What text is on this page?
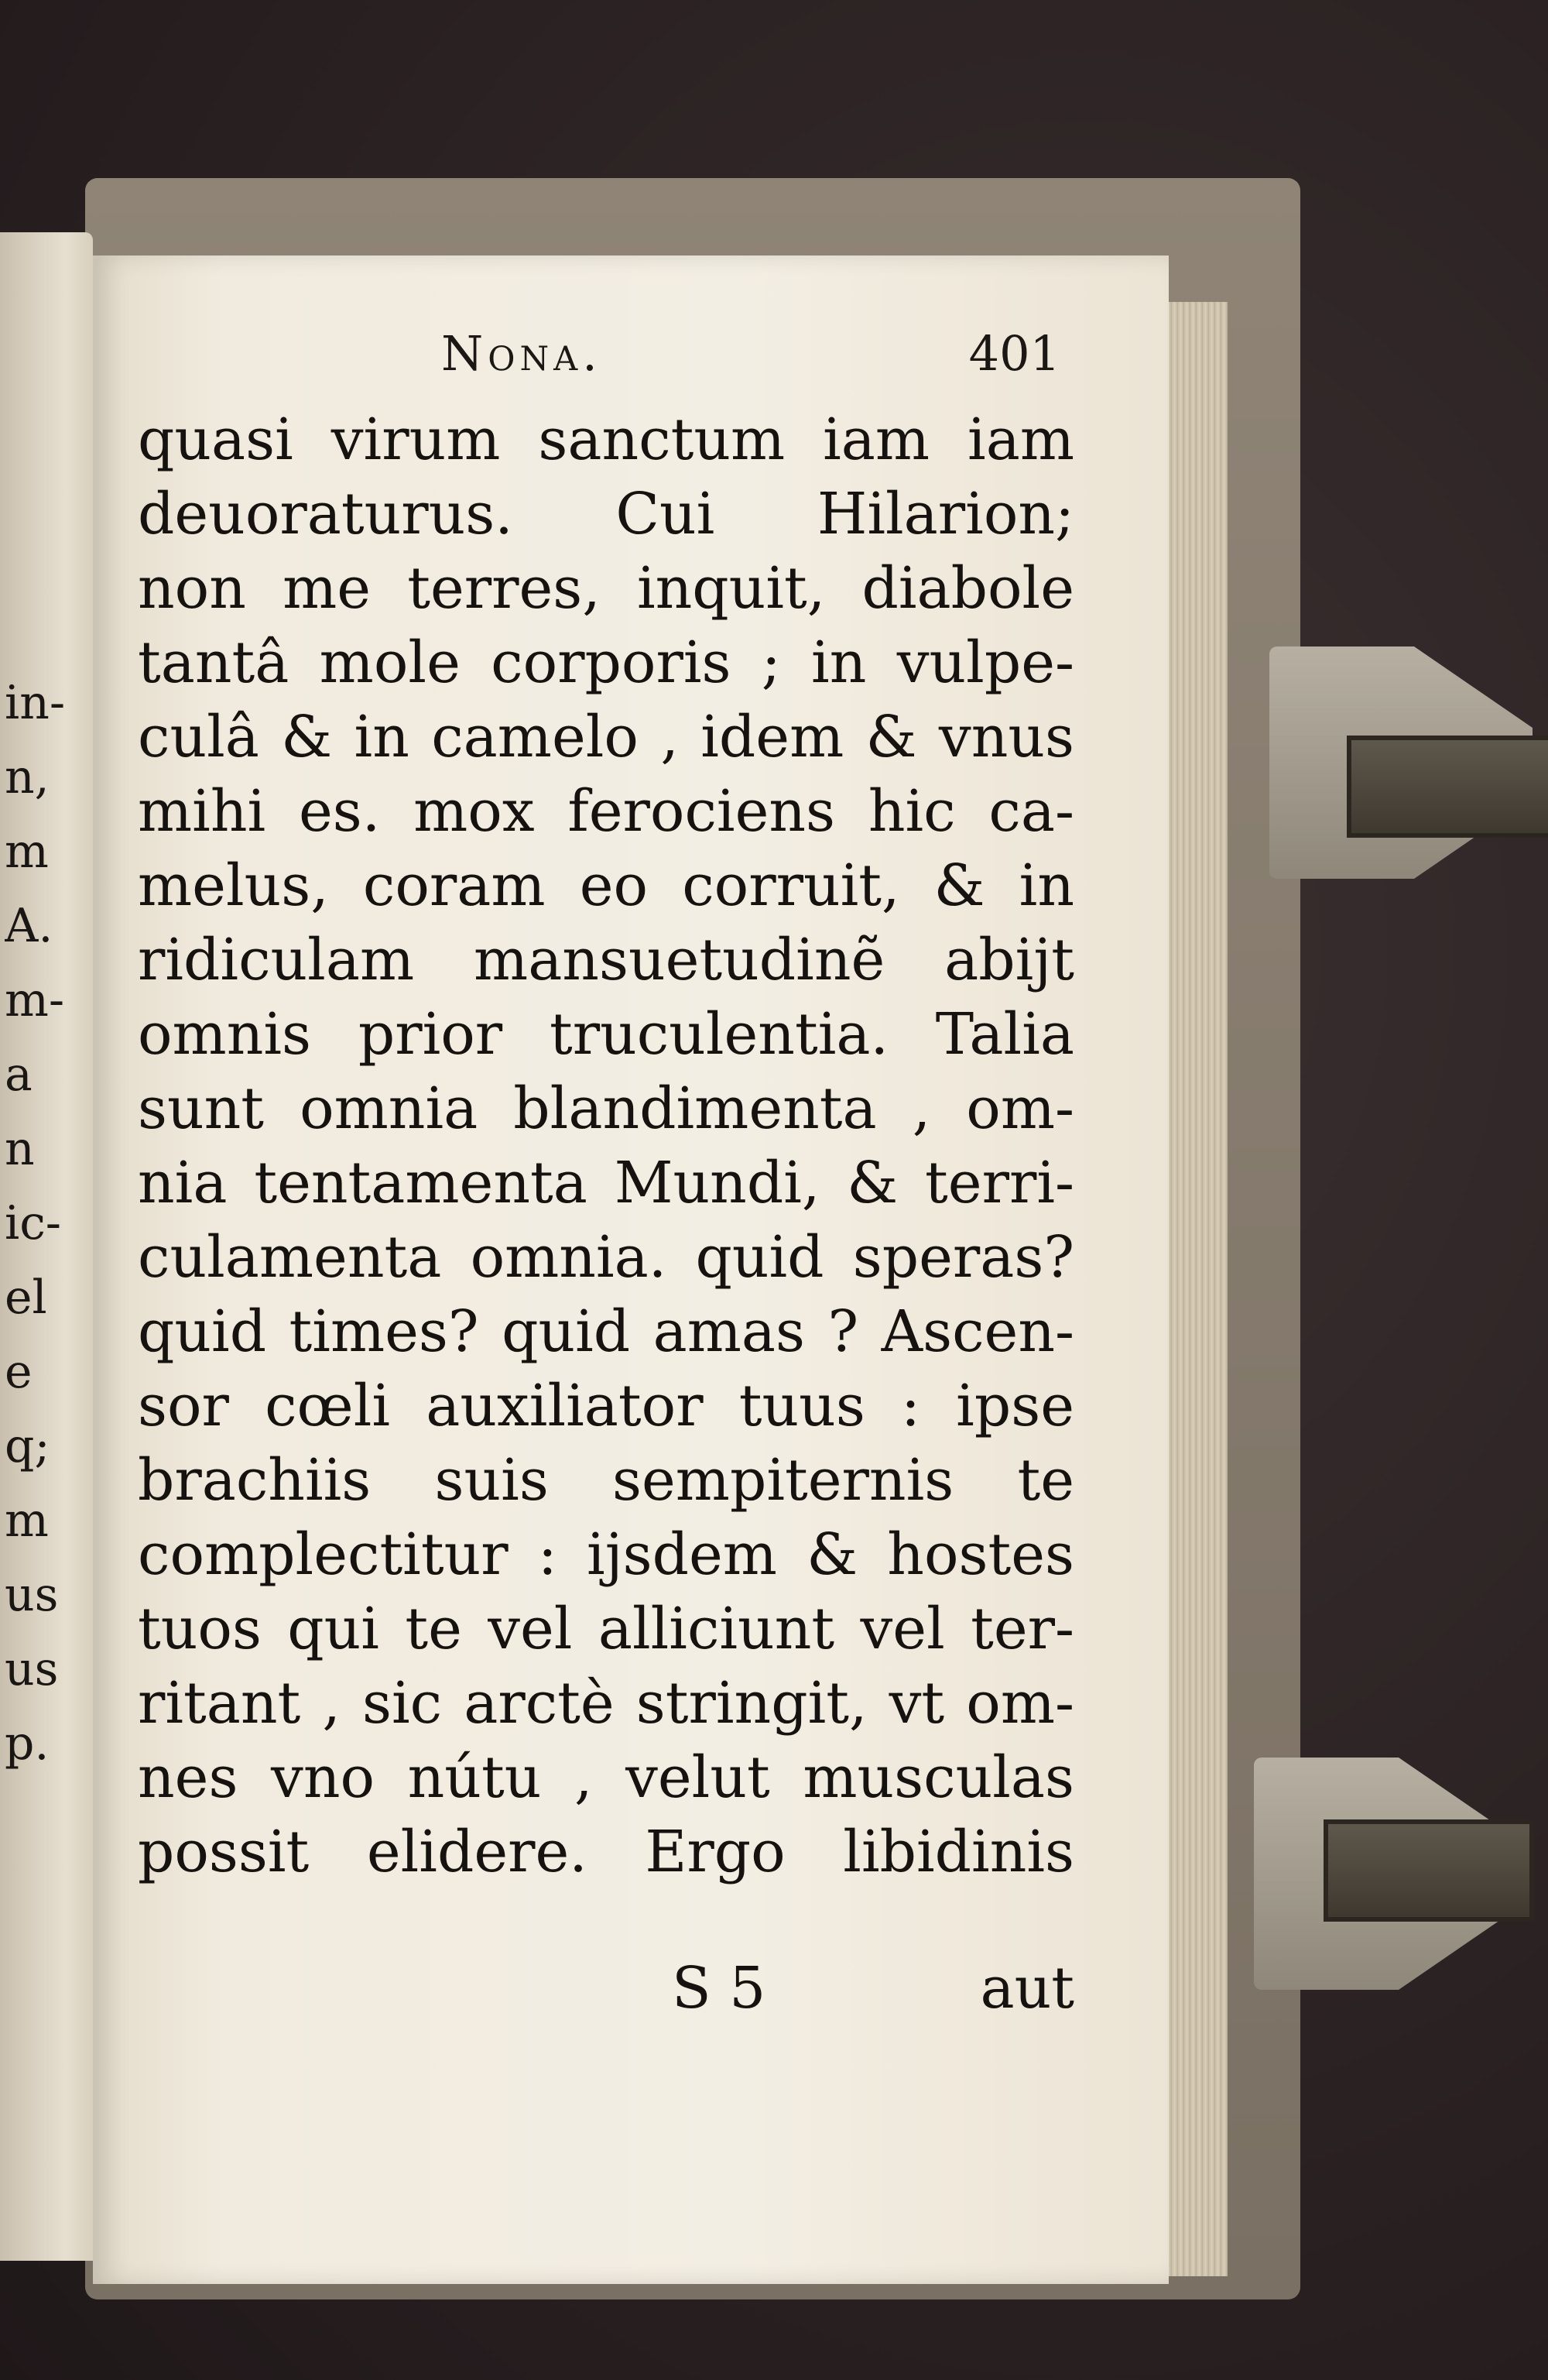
in-
n,
m
A.
m-
a
n
ic-
el
e
q;
m
us
us
p.
Nona.	401
quasi virum sanctum iam iam
deuoraturus. Cui Hilarion;
non me terres, inquit, diabole
tantâ mole corporis ; in vulpe-
culâ & in camelo , idem & vnus
mihi es. mox ferociens hic ca-
melus, coram eo corruit, & in
ridiculam mansuetudinẽ abijt
omnis prior truculentia. Talia
sunt omnia blandimenta , om-
nia tentamenta Mundi, & terri-
culamenta omnia. quid speras?
quid times? quid amas ? Ascen-
sor cœli auxiliator tuus : ipse
brachiis suis sempiternis te
complectitur : ijsdem & hostes
tuos qui te vel alliciunt vel ter-
ritant , sic arctè stringit, vt om-
nes vno nútu , velut musculas
possit elidere. Ergo libidinis
S 5	aut
